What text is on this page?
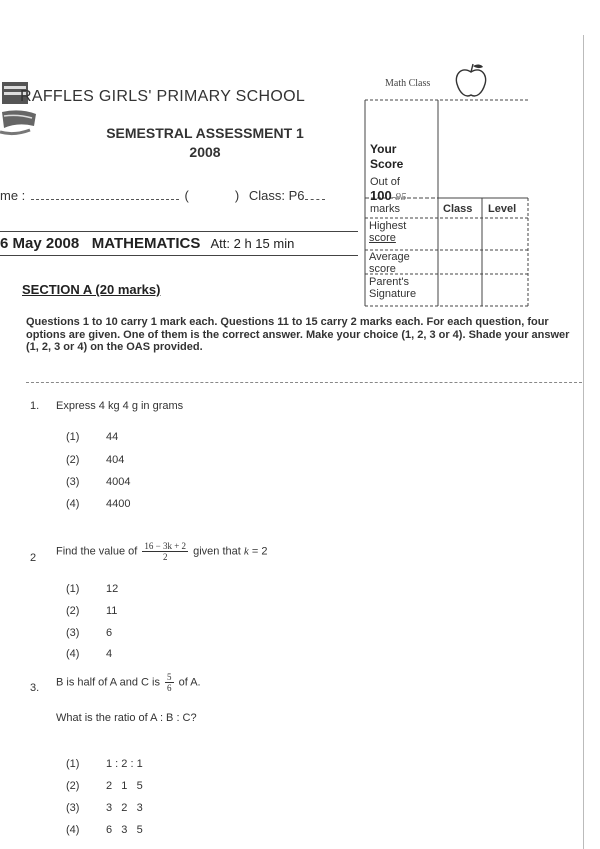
RAFFLES GIRLS' PRIMARY SCHOOL
SEMESTRAL ASSESSMENT 1
2008
me :	(	) Class: P6
6 May 2008   MATHEMATICS Att: 2 h 15 min
SECTION A (20 marks)
Math Class
Your
Score
Out of
100-95
marks	Class Level
Highest
score
Average
score
Parent's
Signature
Questions 1 to 10 carry 1 mark each. Questions 11 to 15 carry 2 marks each. For each question, four options are given. One of them is the correct answer. Make your choice (1, 2, 3 or 4). Shade your answer (1, 2, 3 or 4) on the OAS provided.
1. Express 4 kg 4 g in grams
(1) 44
(2) 404
(3) 4004
(4) 4400
2
Find the value of $\frac{16 - 3k + 2}{2}$ given that k = 2
(1) 12
(2) 11
(3) 6
(4) 4
3. B is half of A and C is $\frac{5}{6}$ of A.
What is the ratio of A : B : C?
(1) 1 : 2 : 1
(2) 2   1   5
(3) 3   2   3
(4) 6   3   5
